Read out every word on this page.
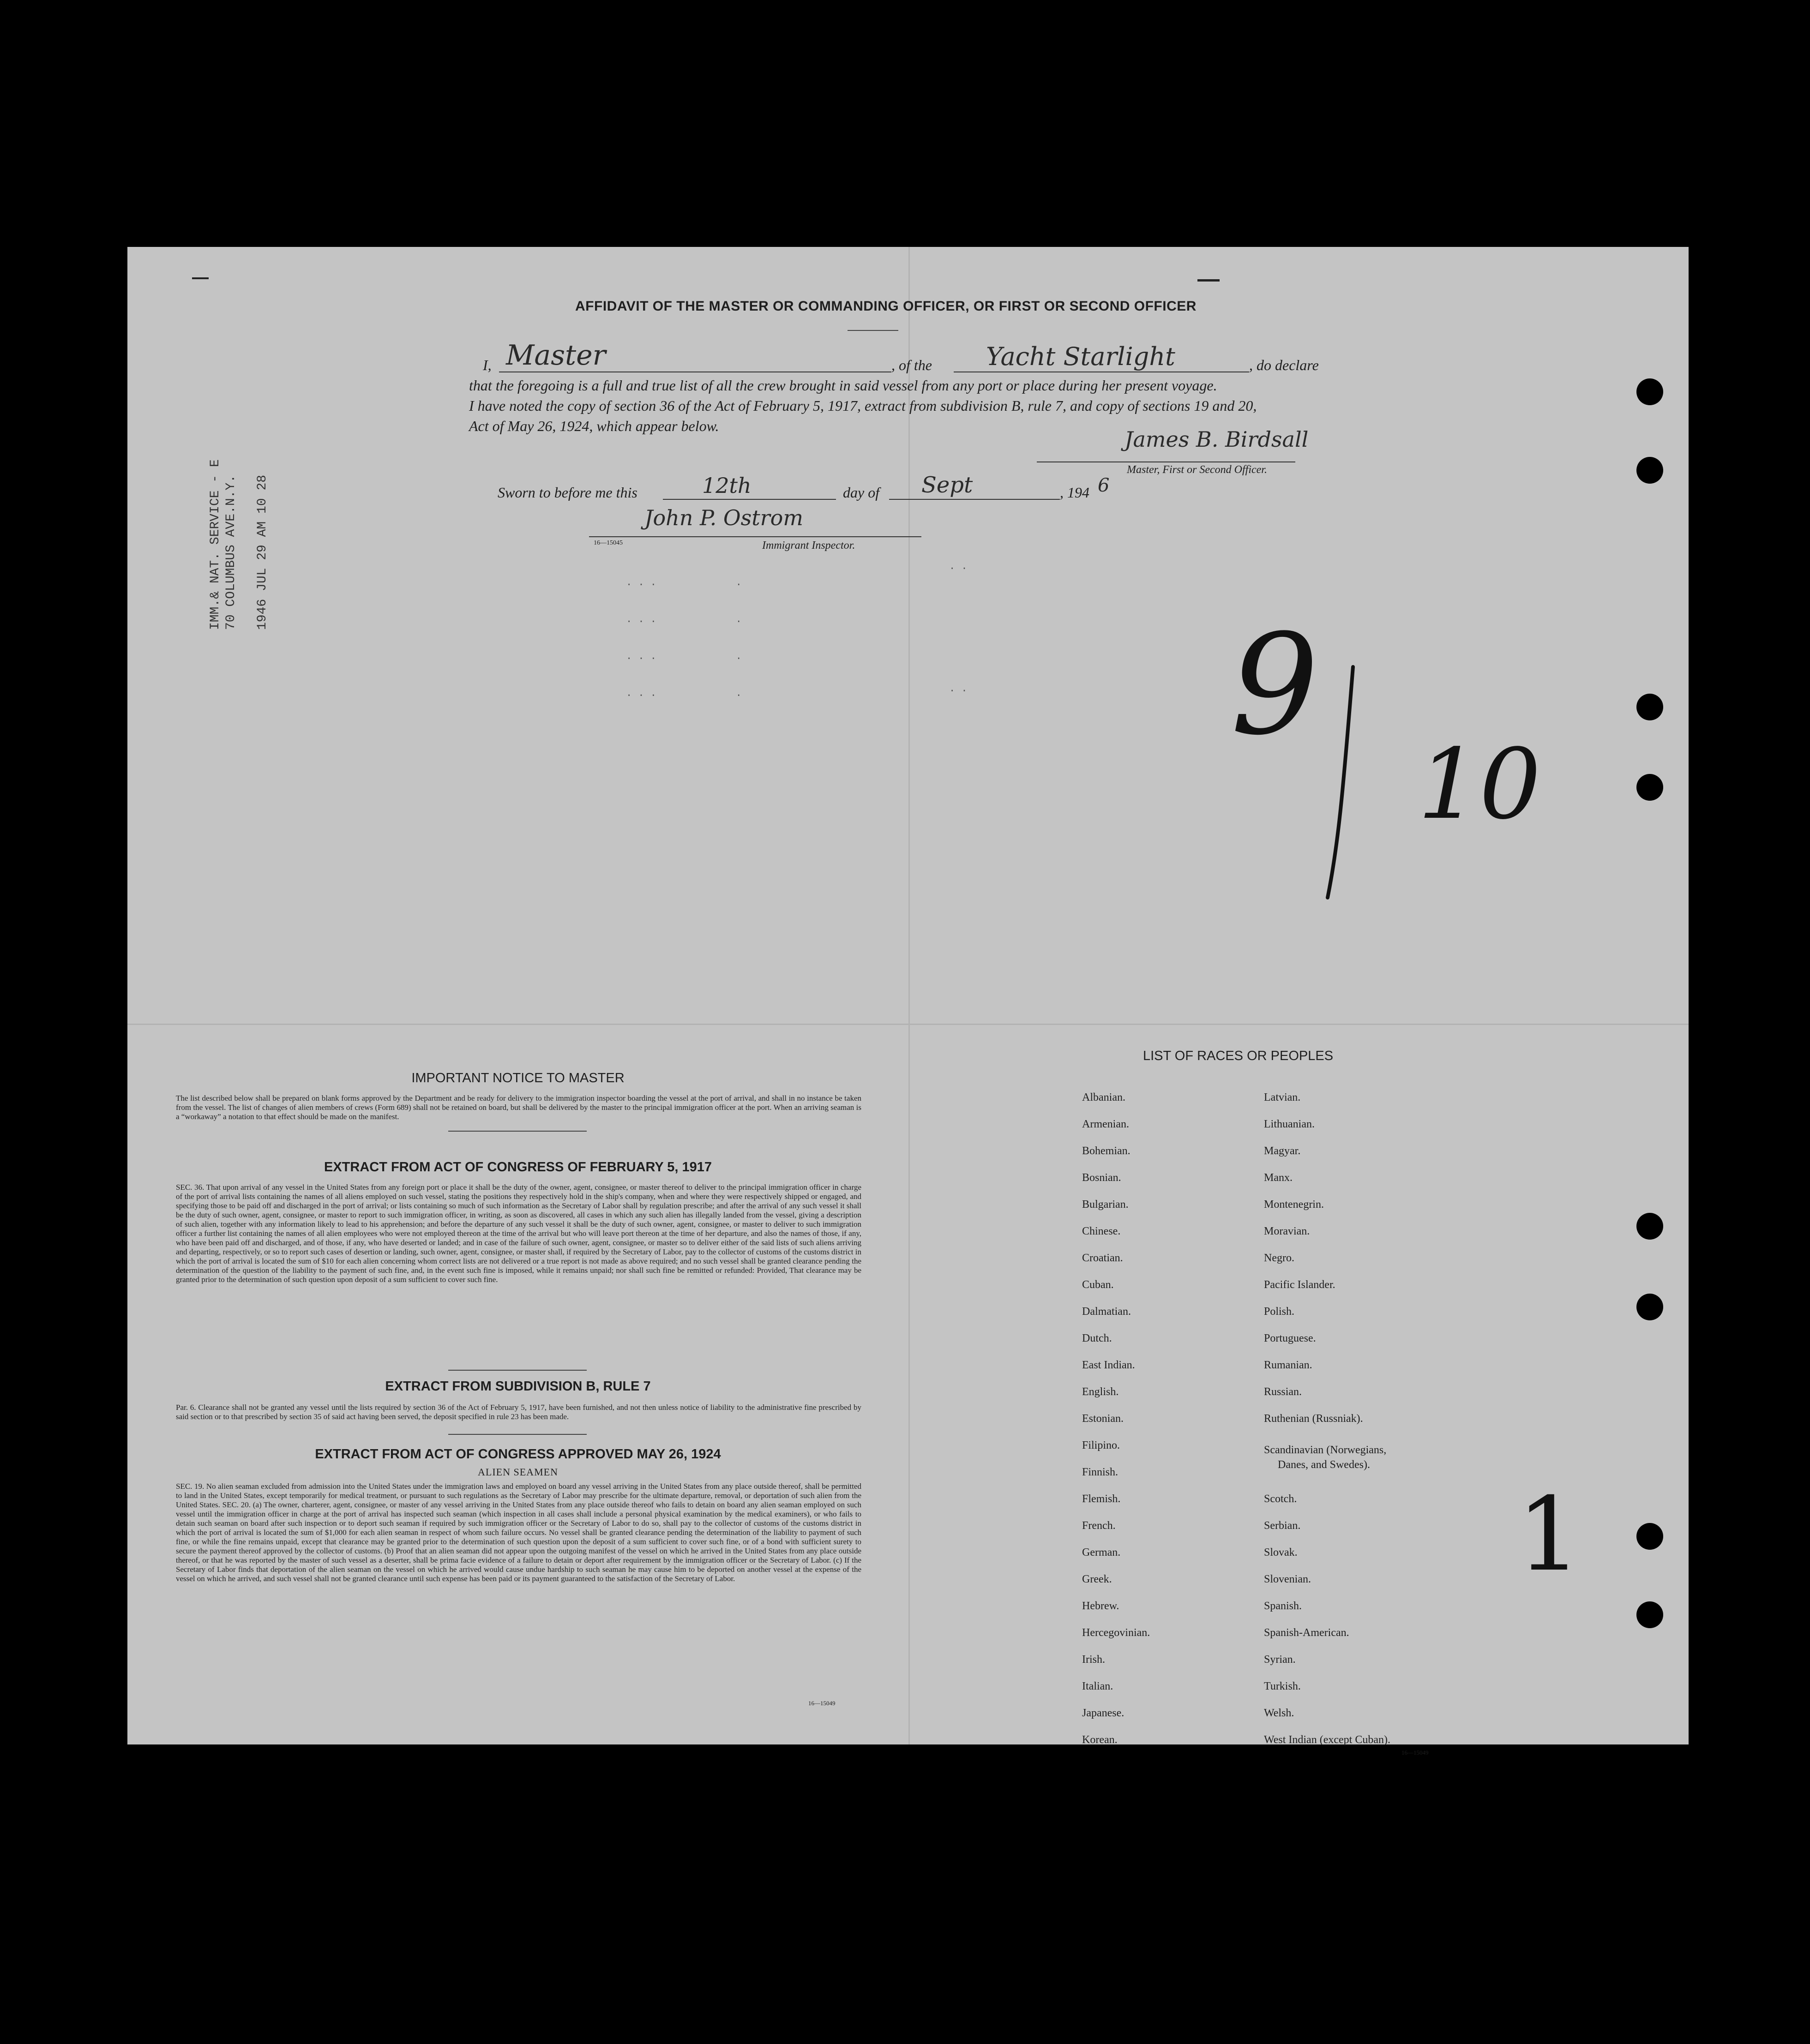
AFFIDAVIT OF THE MASTER OR COMMANDING OFFICER, OR FIRST OR SECOND OFFICER
I, Master	, of the Yacht Starlight	, do declare
that the foregoing is a full and true list of all the crew brought in said vessel from any port or place during her present voyage.
I have noted the copy of section 36 of the Act of February 5, 1917, extract from subdivision B, rule 7, and copy of sections 19 and 20,
Act of May 26, 1924, which appear below.
James B. Birdsall
Master, First or Second Officer.
Sworn to before me this	12th	day of Sept	, 194 6
John P. Ostrom
16—15045	Immigrant Inspector.
IMM.& NAT. SERVICE - E 70 COLUMBUS AVE.N.Y. 1946 JUL 29 AM 10 28	. . .             .
. . .             .
. . .             .
. . .             .
. .
. . 9
10
1
IMPORTANT NOTICE TO MASTER
The list described below shall be prepared on blank forms approved by the Department and be ready for delivery to the immigration inspector boarding the vessel at the port of arrival, and shall in no instance be taken from the vessel. The list of changes of alien members of crews (Form 689) shall not be retained on board, but shall be delivered by the master to the principal immigration officer at the port. When an arriving seaman is a “workaway” a notation to that effect should be made on the manifest.
EXTRACT FROM ACT OF CONGRESS OF FEBRUARY 5, 1917
SEC. 36. That upon arrival of any vessel in the United States from any foreign port or place it shall be the duty of the owner, agent, consignee, or master thereof to deliver to the principal immigration officer in charge of the port of arrival lists containing the names of all aliens employed on such vessel, stating the positions they respectively hold in the ship's company, when and where they were respectively shipped or engaged, and specifying those to be paid off and discharged in the port of arrival; or lists containing so much of such information as the Secretary of Labor shall by regulation prescribe; and after the arrival of any such vessel it shall be the duty of such owner, agent, consignee, or master to report to such immigration officer, in writing, as soon as discovered, all cases in which any such alien has illegally landed from the vessel, giving a description of such alien, together with any information likely to lead to his apprehension; and before the departure of any such vessel it shall be the duty of such owner, agent, consignee, or master to deliver to such immigration officer a further list containing the names of all alien employees who were not employed thereon at the time of the arrival but who will leave port thereon at the time of her departure, and also the names of those, if any, who have been paid off and discharged, and of those, if any, who have deserted or landed; and in case of the failure of such owner, agent, consignee, or master so to deliver either of the said lists of such aliens arriving and departing, respectively, or so to report such cases of desertion or landing, such owner, agent, consignee, or master shall, if required by the Secretary of Labor, pay to the collector of customs of the customs district in which the port of arrival is located the sum of $10 for each alien concerning whom correct lists are not delivered or a true report is not made as above required; and no such vessel shall be granted clearance pending the determination of the question of the liability to the payment of such fine, and, in the event such fine is imposed, while it remains unpaid; nor shall such fine be remitted or refunded: Provided, That clearance may be granted prior to the determination of such question upon deposit of a sum sufficient to cover such fine.
EXTRACT FROM SUBDIVISION B, RULE 7
Par. 6. Clearance shall not be granted any vessel until the lists required by section 36 of the Act of February 5, 1917, have been furnished, and not then unless notice of liability to the administrative fine prescribed by said section or to that prescribed by section 35 of said act having been served, the deposit specified in rule 23 has been made.
EXTRACT FROM ACT OF CONGRESS APPROVED MAY 26, 1924
ALIEN SEAMEN
SEC. 19. No alien seaman excluded from admission into the United States under the immigration laws and employed on board any vessel arriving in the United States from any place outside thereof, shall be permitted to land in the United States, except temporarily for medical treatment, or pursuant to such regulations as the Secretary of Labor may prescribe for the ultimate departure, removal, or deportation of such alien from the United States. SEC. 20. (a) The owner, charterer, agent, consignee, or master of any vessel arriving in the United States from any place outside thereof who fails to detain on board any alien seaman employed on such vessel until the immigration officer in charge at the port of arrival has inspected such seaman (which inspection in all cases shall include a personal physical examination by the medical examiners), or who fails to detain such seaman on board after such inspection or to deport such seaman if required by such immigration officer or the Secretary of Labor to do so, shall pay to the collector of customs of the customs district in which the port of arrival is located the sum of $1,000 for each alien seaman in respect of whom such failure occurs. No vessel shall be granted clearance pending the determination of the liability to payment of such fine, or while the fine remains unpaid, except that clearance may be granted prior to the determination of such question upon the deposit of a sum sufficient to cover such fine, or of a bond with sufficient surety to secure the payment thereof approved by the collector of customs. (b) Proof that an alien seaman did not appear upon the outgoing manifest of the vessel on which he arrived in the United States from any place outside thereof, or that he was reported by the master of such vessel as a deserter, shall be prima facie evidence of a failure to detain or deport after requirement by the immigration officer or the Secretary of Labor. (c) If the Secretary of Labor finds that deportation of the alien seaman on the vessel on which he arrived would cause undue hardship to such seaman he may cause him to be deported on another vessel at the expense of the vessel on which he arrived, and such vessel shall not be granted clearance until such expense has been paid or its payment guaranteed to the satisfaction of the Secretary of Labor.
16—15049
LIST OF RACES OR PEOPLES
Albanian.
Armenian.
Bohemian.
Bosnian.
Bulgarian.
Chinese.
Croatian.
Cuban.
Dalmatian.
Dutch.
East Indian.
English.
Estonian.
Filipino.
Finnish.
Flemish.
French.
German.
Greek.
Hebrew.
Hercegovinian.
Irish.
Italian.
Japanese.
Korean.
Latvian.
Lithuanian.
Magyar.
Manx.
Montenegrin.
Moravian.
Negro.
Pacific Islander.
Polish.
Portuguese.
Rumanian.
Russian.
Ruthenian (Russniak).
Scandinavian (Norwegians,
Danes, and Swedes).
Scotch.
Serbian.
Slovak.
Slovenian.
Spanish.
Spanish-American.
Syrian.
Turkish.
Welsh.
West Indian (except Cuban).
16—15049
